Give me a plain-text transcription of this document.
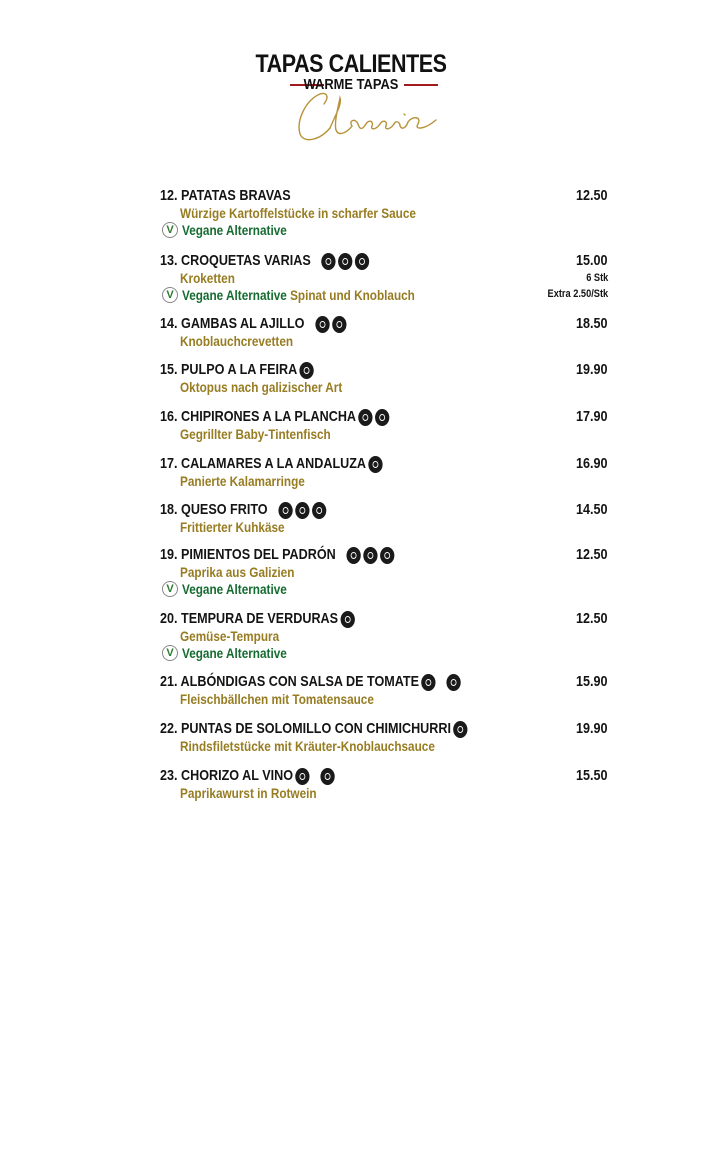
TAPAS CALIENTES
WARME TAPAS
12. PATATAS BRAVAS	12.50
Würzige Kartoffelstücke in scharfer Sauce
V Vegane Alternative
13. CROQUETAS VARIAS	15.00
Kroketten	6 Stk
V Vegane Alternative Spinat und Knoblauch	Extra 2.50/Stk
14. GAMBAS AL AJILLO	18.50
Knoblauchcrevetten
15. PULPO A LA FEIRA	19.90
Oktopus nach galizischer Art
16. CHIPIRONES A LA PLANCHA	17.90
Gegrillter Baby-Tintenfisch
17. CALAMARES A LA ANDALUZA	16.90
Panierte Kalamarringe
18. QUESO FRITO	14.50
Frittierter Kuhkäse
19. PIMIENTOS DEL PADRÓN	12.50
Paprika aus Galizien
V Vegane Alternative
20. TEMPURA DE VERDURAS	12.50
Gemüse-Tempura
V Vegane Alternative
21. ALBÓNDIGAS CON SALSA DE TOMATE	15.90
Fleischbällchen mit Tomatensauce
22. PUNTAS DE SOLOMILLO CON CHIMICHURRI	19.90
Rindsfiletstücke mit Kräuter-Knoblauchsauce
23. CHORIZO AL VINO	15.50
Paprikawurst in Rotwein
